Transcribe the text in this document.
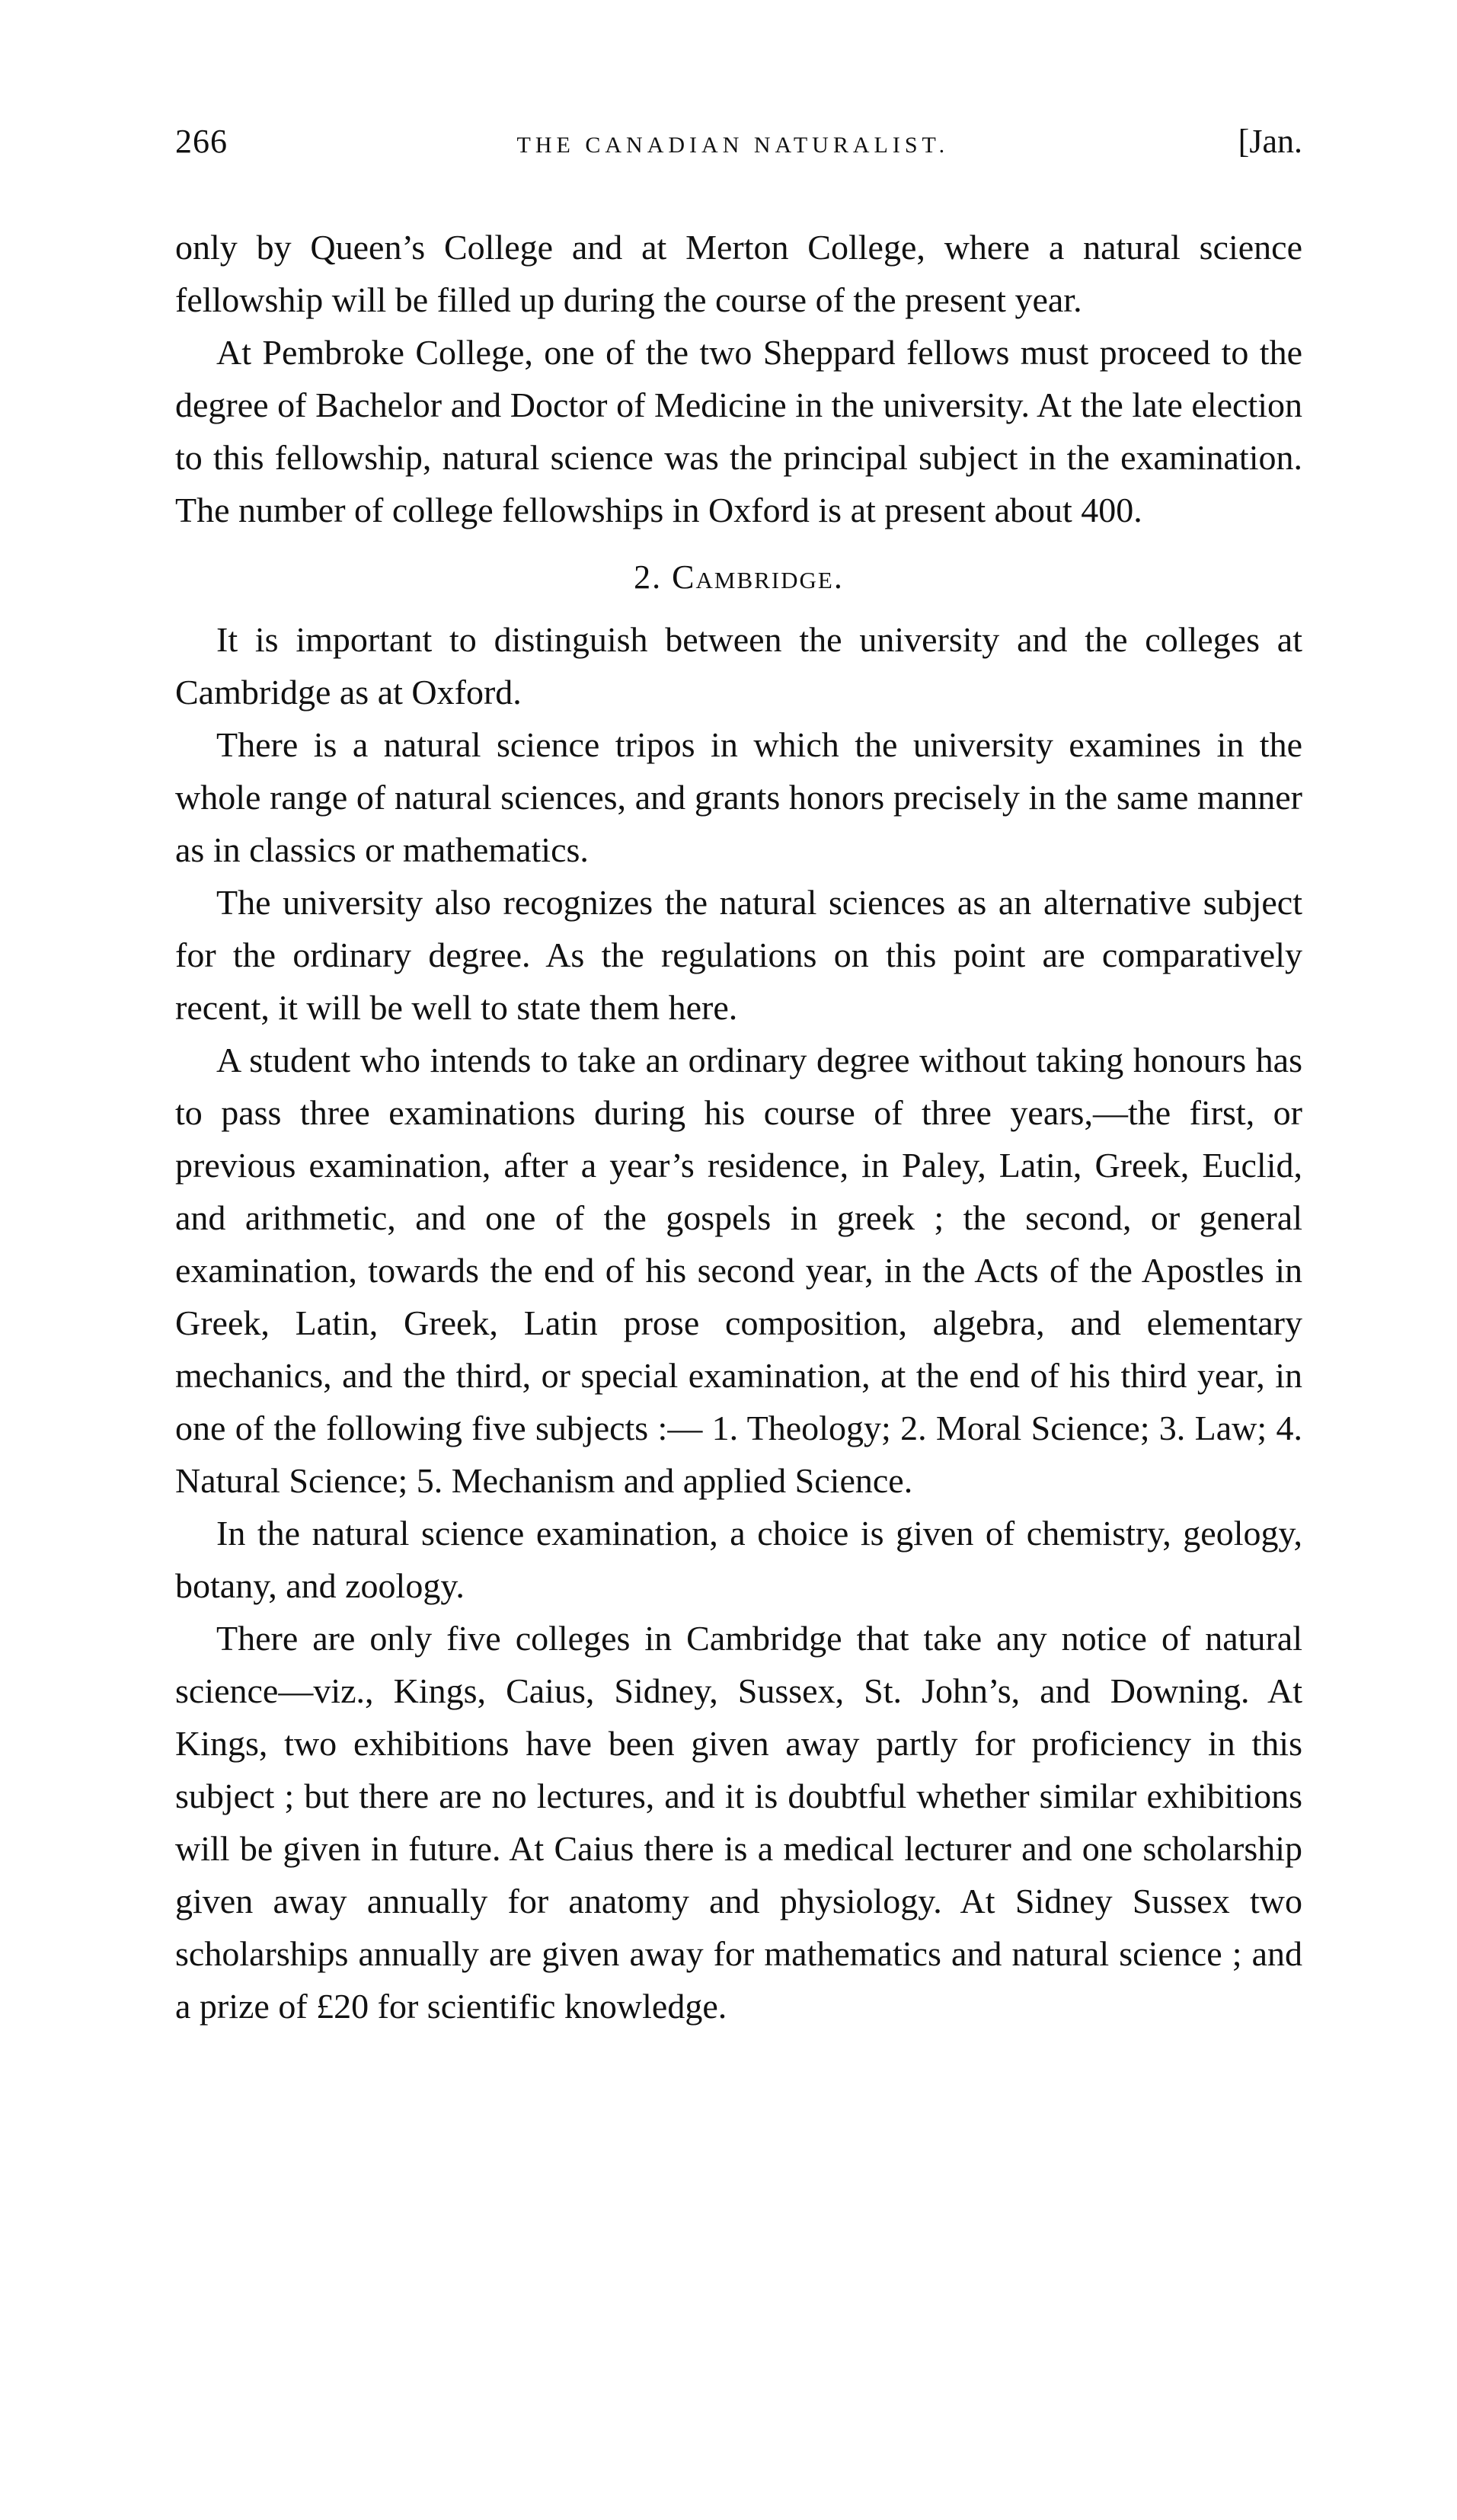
266	THE CANADIAN NATURALIST.	[Jan.

only by Queen’s College and at Merton College, where a natural science fellowship will be filled up during the course of the present year.

At Pembroke College, one of the two Sheppard fellows must proceed to the degree of Bachelor and Doctor of Medicine in the university. At the late election to this fellowship, natural science was the principal subject in the examination. The number of college fellowships in Oxford is at present about 400.

2. Cambridge.

It is important to distinguish between the university and the colleges at Cambridge as at Oxford.

There is a natural science tripos in which the university examines in the whole range of natural sciences, and grants honors precisely in the same manner as in classics or mathematics.

The university also recognizes the natural sciences as an alternative subject for the ordinary degree. As the regulations on this point are comparatively recent, it will be well to state them here.

A student who intends to take an ordinary degree without taking honours has to pass three examinations during his course of three years,—the first, or previous examination, after a year’s residence, in Paley, Latin, Greek, Euclid, and arithmetic, and one of the gospels in greek ; the second, or general examination, towards the end of his second year, in the Acts of the Apostles in Greek, Latin, Greek, Latin prose composition, algebra, and elementary mechanics, and the third, or special examination, at the end of his third year, in one of the following five subjects :— 1. Theology; 2. Moral Science; 3. Law; 4. Natural Science; 5. Mechanism and applied Science.

In the natural science examination, a choice is given of chemistry, geology, botany, and zoology.

There are only five colleges in Cambridge that take any notice of natural science—viz., Kings, Caius, Sidney, Sussex, St. John’s, and Downing. At Kings, two exhibitions have been given away partly for proficiency in this subject ; but there are no lectures, and it is doubtful whether similar exhibitions will be given in future. At Caius there is a medical lecturer and one scholarship given away annually for anatomy and physiology. At Sidney Sussex two scholarships annually are given away for mathematics and natural science ; and a prize of £20 for scientific knowledge.
